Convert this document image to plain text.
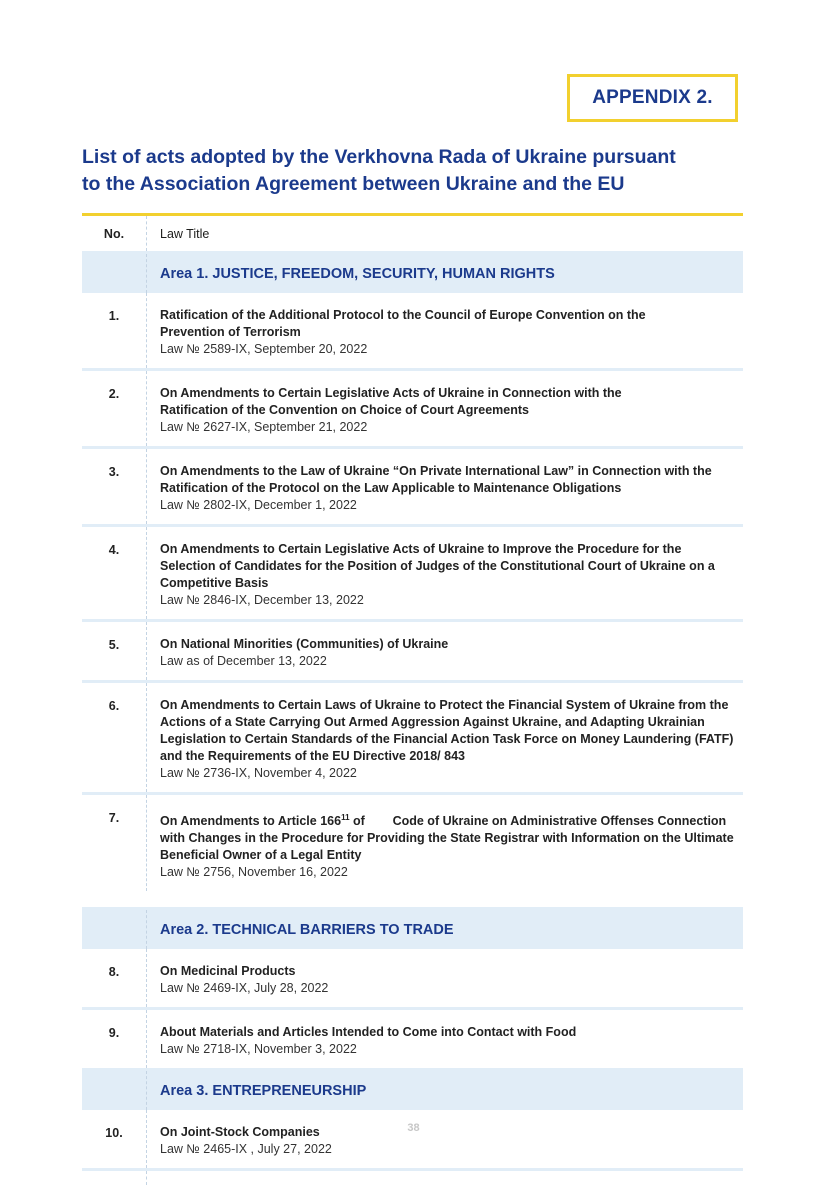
APPENDIX 2.
List of acts adopted by the Verkhovna Rada of Ukraine pursuant
to the Association Agreement between Ukraine and the EU
No.	Law Title
Area 1. JUSTICE, FREEDOM, SECURITY, HUMAN RIGHTS
1.	Ratification of the Additional Protocol to the Council of Europe Convention on the Prevention of Terrorism
Law № 2589-IX, September 20, 2022
2.	On Amendments to Certain Legislative Acts of Ukraine in Connection with the Ratification of the Convention on Choice of Court Agreements
Law № 2627-IX, September 21, 2022
3.	On Amendments to the Law of Ukraine “On Private International Law” in Connection with the Ratification of the Protocol on the Law Applicable to Maintenance Obligations
Law № 2802-IX, December 1, 2022
4.	On Amendments to Certain Legislative Acts of Ukraine to Improve the Procedure for the Selection of Candidates for the Position of Judges of the Constitutional Court of Ukraine on a Competitive Basis
Law № 2846-IX, December 13, 2022
5.	On National Minorities (Communities) of Ukraine
Law as of December 13, 2022
6.	On Amendments to Certain Laws of Ukraine to Protect the Financial System of Ukraine from the Actions of a State Carrying Out Armed Aggression Against Ukraine, and Adapting Ukrainian Legislation to Certain Standards of the Financial Action Task Force on Money Laundering (FATF) and the Requirements of the EU Directive 2018/ 843
Law № 2736-IX, November 4, 2022
7.	On Amendments to Article $166^{11}$ of        Code of Ukraine on Administrative Offenses Connection with Changes in the Procedure for Providing the State Registrar with Information on the Ultimate Beneficial Owner of a Legal Entity
Law № 2756, November 16, 2022
Area 2. TECHNICAL BARRIERS TO TRADE
8.	On Medicinal Products
Law № 2469-IX, July 28, 2022
9.	About Materials and Articles Intended to Come into Contact with Food
Law № 2718-IX, November 3, 2022
Area 3. ENTREPRENEURSHIP
10.	On Joint-Stock Companies
Law № 2465-IX , July 27, 2022
38
